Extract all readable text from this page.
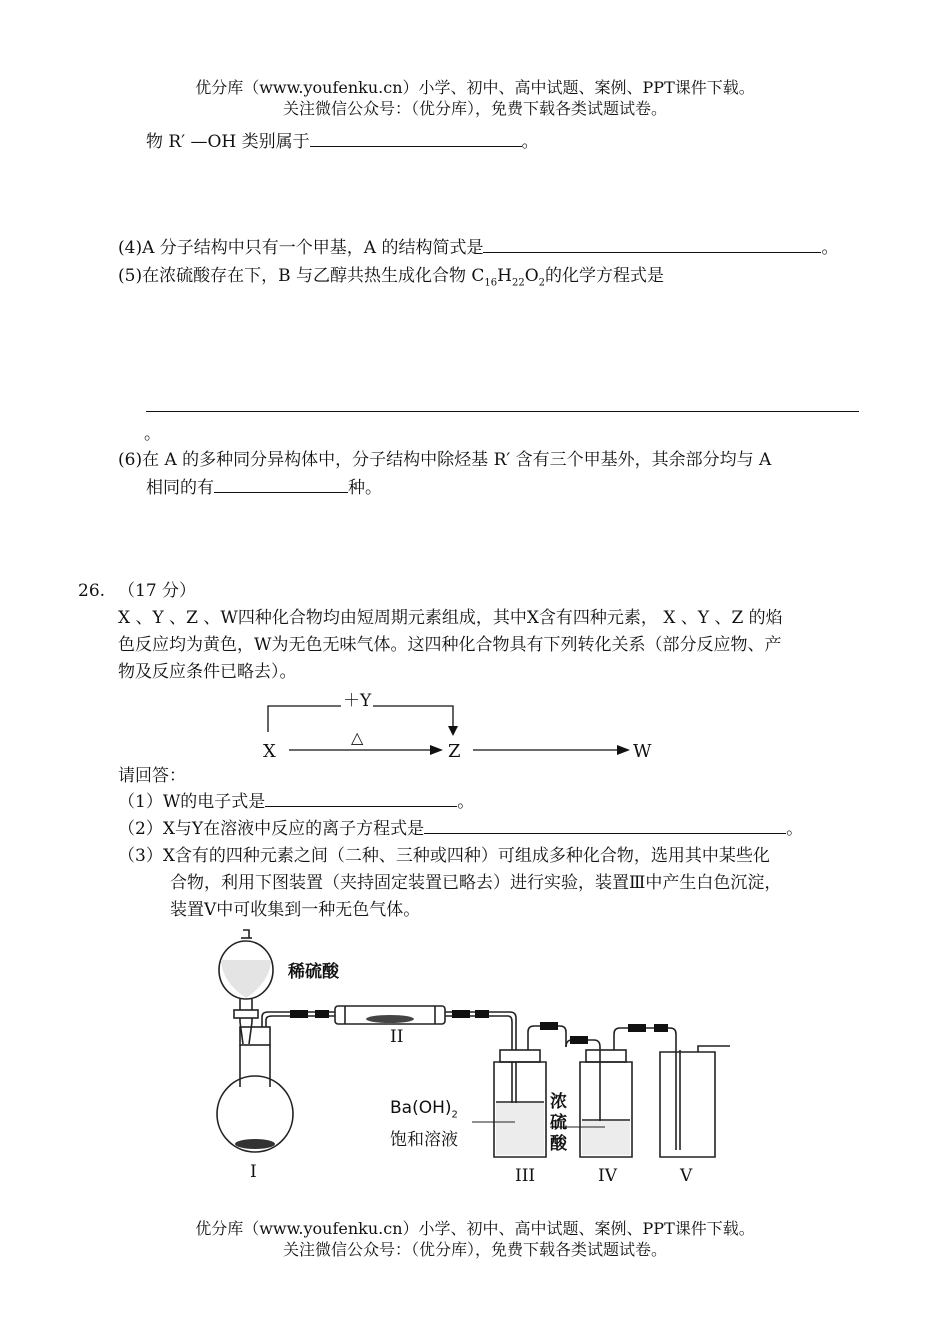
优分库（www.youfenku.cn）小学、初中、高中试题、案例、PPT课件下载。
关注微信公众号：（优分库），免费下载各类试题试卷。
物 R′ —OH 类别属于	。
(4)A 分子结构中只有一个甲基，A 的结构简式是	。
(5)在浓硫酸存在下，B 与乙醇共热生成化合物 $C_{16}H_{22}O_2$的化学方程式是
。
(6)在 A 的多种同分异构体中，分子结构中除烃基 R′ 含有三个甲基外，其余部分均与 A
相同的有	种。
26. （17 分）
X 、Y 、Z 、W四种化合物均由短周期元素组成，其中X含有四种元素， X 、Y 、Z 的焰
色反应均为黄色，W为无色无味气体。这四种化合物具有下列转化关系（部分反应物、产
物及反应条件已略去）。
＋Y
△
X	Z	W
请回答：
（1）W的电子式是	。
（2）X与Y在溶液中反应的离子方程式是	。
（3）X含有的四种元素之间（二种、三种或四种）可组成多种化合物，选用其中某些化
合物，利用下图装置（夹持固定装置已略去）进行实验，装置Ⅲ中产生白色沉淀，
装置Ⅴ中可收集到一种无色气体。
稀硫酸
I
II
III	IV	V
$Ba(OH)_2$
饱和溶液
浓
硫
酸
优分库（www.youfenku.cn）小学、初中、高中试题、案例、PPT课件下载。
关注微信公众号：（优分库），免费下载各类试题试卷。
